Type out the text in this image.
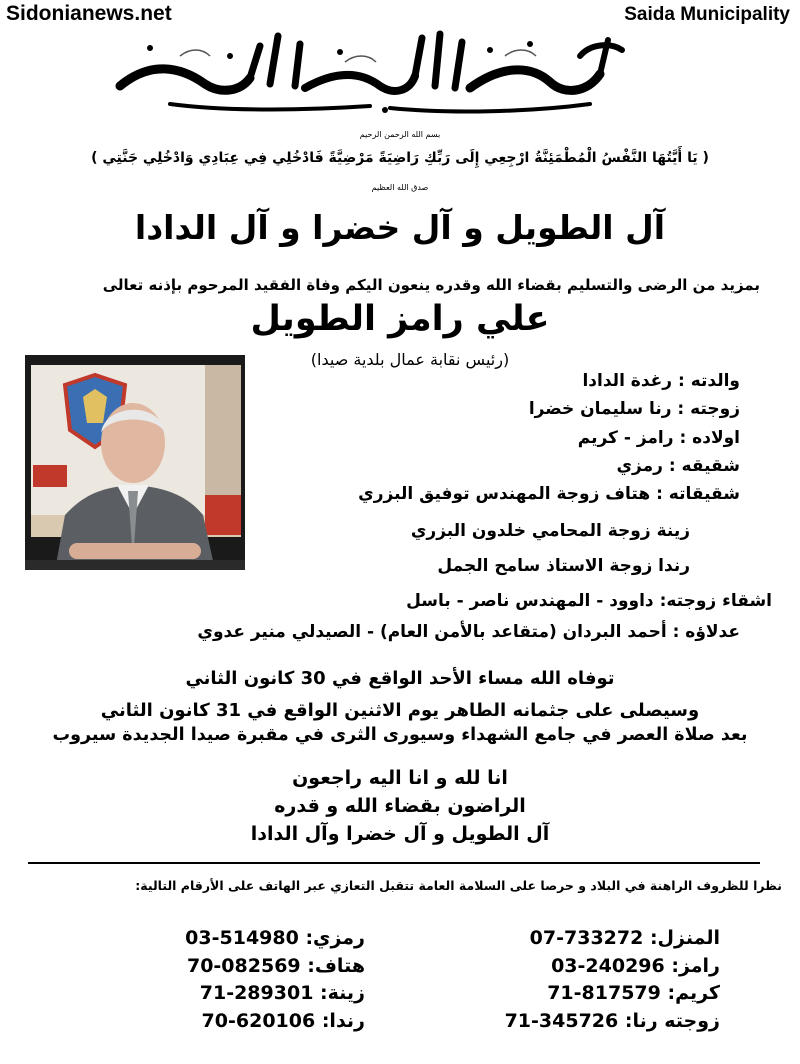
Sidonianews.net	Saida Municipality
بسم الله الرحمن الرحيم
( يَا أَيَّتُهَا النَّفْسُ الْمُطْمَئِنَّةُ ارْجِعِي إِلَى رَبِّكِ رَاضِيَةً مَرْضِيَّةً فَادْخُلِي فِي عِبَادِي وَادْخُلِي جَنَّتِي )
صدق الله العظيم
آل الطويل و آل خضرا و آل الدادا
بمزيد من الرضى والتسليم بقضاء الله وقدره ينعون اليكم وفاة الفقيد المرحوم بإذنه تعالى
علي رامز الطويل
(رئيس نقابة عمال بلدية صيدا)
والدته : رغدة الدادا
زوجته : رنا سليمان خضرا
اولاده : رامز - كريم
شقيقه : رمزي
شقيقاته : هتاف زوجة المهندس توفيق البزري
زينة زوجة المحامي خلدون البزري
رندا زوجة الاستاذ سامح الجمل
اشقاء زوجته: داوود - المهندس ناصر - باسل
عدلاؤه : أحمد البردان (متقاعد بالأمن العام) - الصيدلي منير عدوي
توفاه الله مساء الأحد الواقع في 30 كانون الثاني
وسيصلى على جثمانه الطاهر يوم الاثنين الواقع في 31 كانون الثاني
بعد صلاة العصر في جامع الشهداء وسيورى الثرى في مقبرة صيدا الجديدة سيروب
انا لله و انا اليه راجعون
الراضون بقضاء الله و قدره
آل الطويل و آل خضرا وآل الدادا
نظرا للظروف الراهنة في البلاد و حرصا على السلامة العامة تتقبل التعازي عبر الهاتف على الأرقام التالية:
المنزل: 07-733272
رامز: 03-240296
كريم: 71-817579
زوجته رنا: 71-345726
رمزي: 03-514980
هتاف: 70-082569
زينة: 71-289301
رندا: 70-620106
